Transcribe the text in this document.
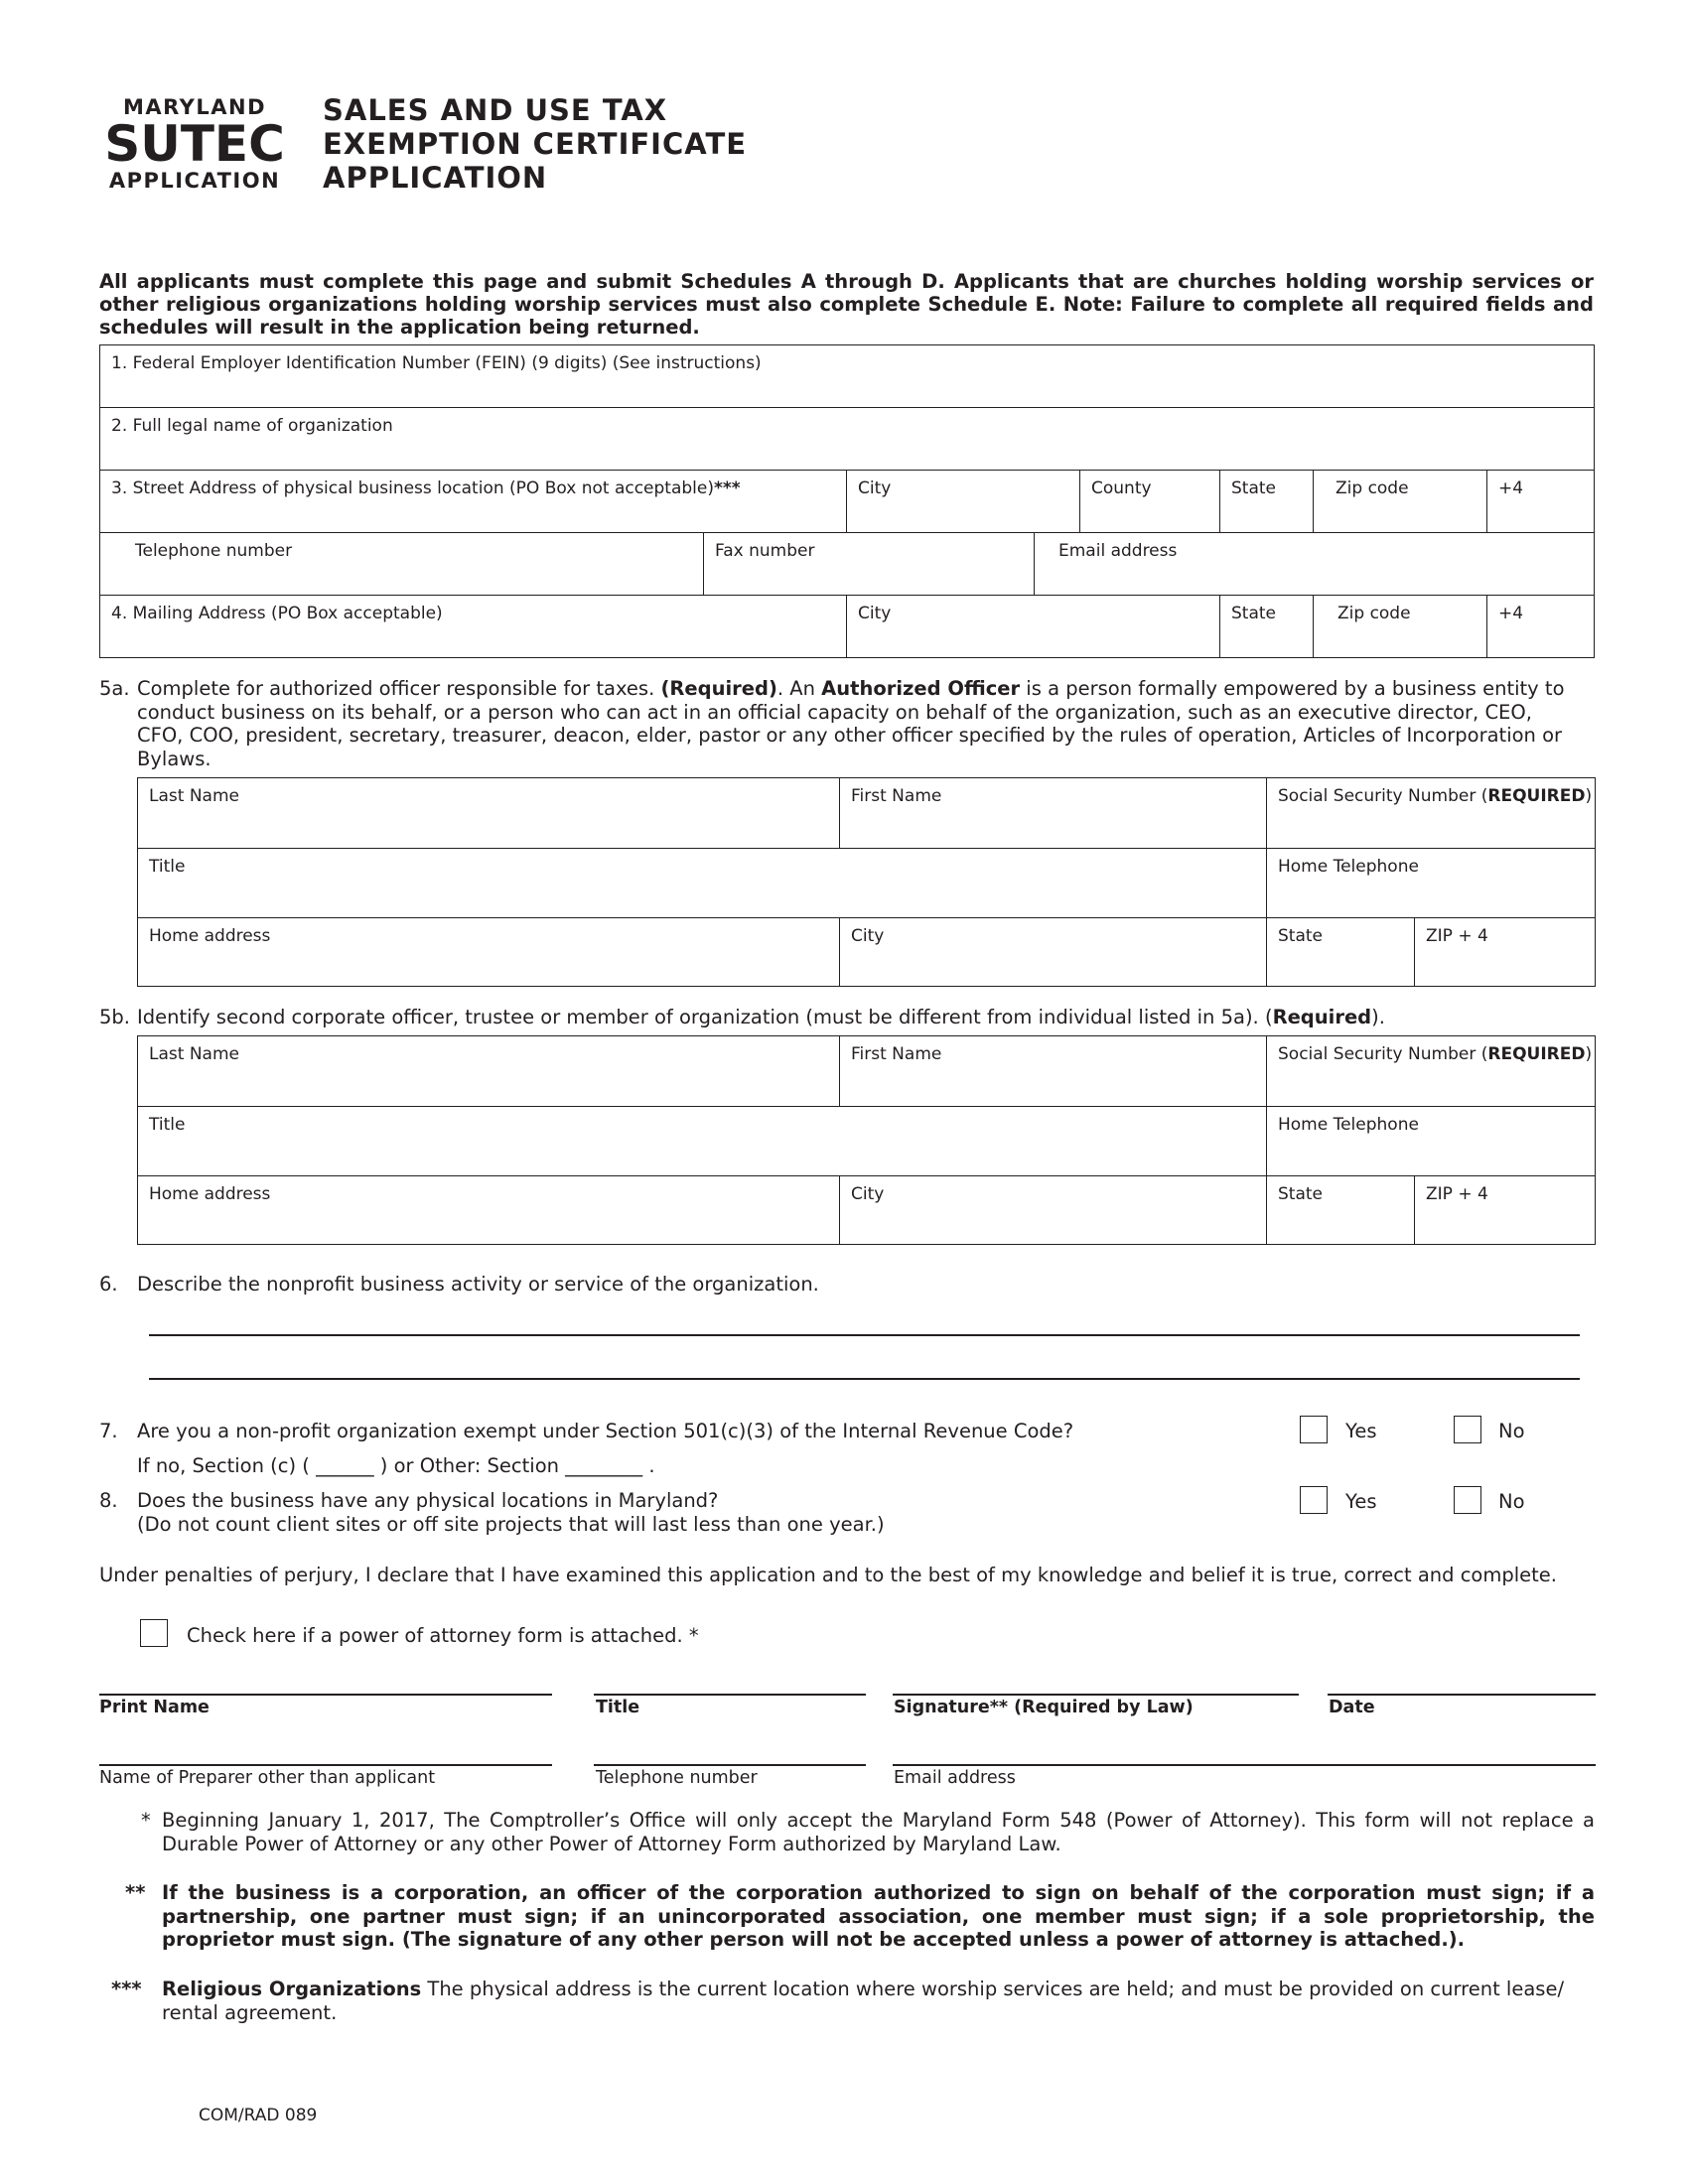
MARYLAND
SUTEC
APPLICATION
SALES AND USE TAX
EXEMPTION CERTIFICATE
APPLICATION
All applicants must complete this page and submit Schedules A through D. Applicants that are churches holding worship services or other religious organizations holding worship services must also complete Schedule E. Note: Failure to complete all required fields and schedules will result in the application being returned.
1. Federal Employer Identification Number (FEIN) (9 digits) (See instructions)
2. Full legal name of organization
3. Street Address of physical business location (PO Box not acceptable)***	City	County	State	Zip code	+4
Telephone number	Fax number	Email address
4. Mailing Address (PO Box acceptable)	City	State	Zip code	+4
5a. Complete for authorized officer responsible for taxes. (Required). An Authorized Officer is a person formally empowered by a business entity to conduct business on its behalf, or a person who can act in an official capacity on behalf of the organization, such as an executive director, CEO, CFO, COO, president, secretary, treasurer, deacon, elder, pastor or any other officer specified by the rules of operation, Articles of Incorporation or Bylaws.
Last Name	First Name	Social Security Number (REQUIRED)
Title	Home Telephone
Home address	City	State	ZIP + 4
5b. Identify second corporate officer, trustee or member of organization (must be different from individual listed in 5a). (Required).
Last Name	First Name	Social Security Number (REQUIRED)
Title	Home Telephone
Home address	City	State	ZIP + 4
6. Describe the nonprofit business activity or service of the organization.
7. Are you a non-profit organization exempt under Section 501(c)(3) of the Internal Revenue Code?
If no, Section (c) ( ______ ) or Other: Section ________ .
Yes	No
8. Does the business have any physical locations in Maryland?
(Do not count client sites or off site projects that will last less than one year.)
Yes	No
Under penalties of perjury, I declare that I have examined this application and to the best of my knowledge and belief it is true, correct and complete.
Check here if a power of attorney form is attached. *
Print Name	Title	Signature** (Required by Law)	Date
Name of Preparer other than applicant	Telephone number	Email address
* Beginning January 1, 2017, The Comptroller’s Office will only accept the Maryland Form 548 (Power of Attorney). This form will not replace a Durable Power of Attorney or any other Power of Attorney Form authorized by Maryland Law.
** If the business is a corporation, an officer of the corporation authorized to sign on behalf of the corporation must sign; if a partnership, one partner must sign; if an unincorporated association, one member must sign; if a sole proprietorship, the proprietor must sign. (The signature of any other person will not be accepted unless a power of attorney is attached.).
*** Religious Organizations The physical address is the current location where worship services are held; and must be provided on current lease/ rental agreement.
COM/RAD 089
